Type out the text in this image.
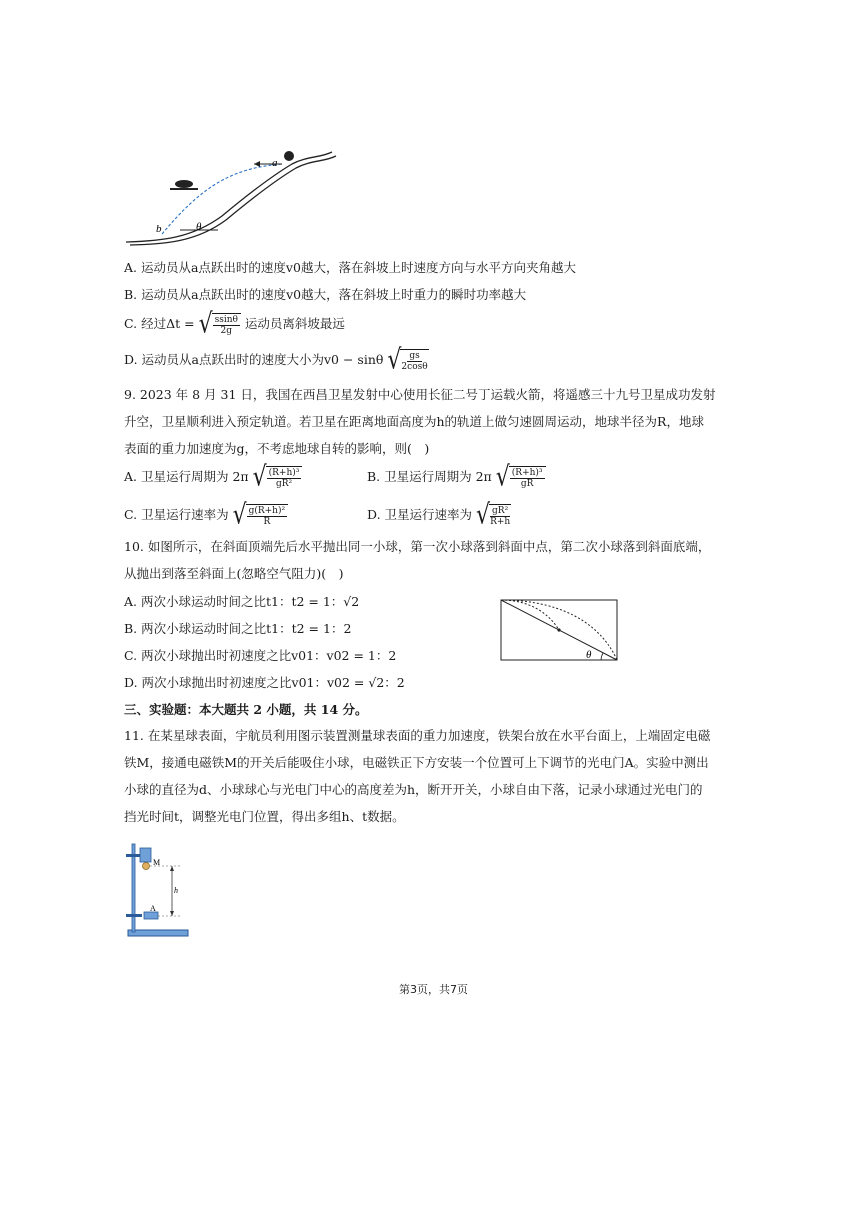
a
b	θ
A. 运动员从a点跃出时的速度v0越大，落在斜坡上时速度方向与水平方向夹角越大
B. 运动员从a点跃出时的速度v0越大，落在斜坡上时重力的瞬时功率越大
C. 经过Δt = √ $\frac{ssin\theta}{2g}$ 运动员离斜坡最远
D. 运动员从a点跃出时的速度大小为v0 − sinθ √ $\frac{gs}{2\cos\theta}$
9. 2023 年 8 月 31 日，我国在西昌卫星发射中心使用长征二号丁运载火箭，将遥感三十九号卫星成功发射
升空，卫星顺利进入预定轨道。若卫星在距离地面高度为h的轨道上做匀速圆周运动，地球半径为R，地球
表面的重力加速度为g，不考虑地球自转的影响，则(　)
A. 卫星运行周期为 2π √ $\frac{\text{(R+h)³}}{\text{gR²}}$	B. 卫星运行周期为 2π √ $\frac{\text{(R+h)³}}{gR}$
C. 卫星运行速率为 √ $\frac{\text{g(R+h)²}}{R}$	D. 卫星运行速率为 √ $\frac{\text{gR²}}{R+h}$
10. 如图所示，在斜面顶端先后水平抛出同一小球，第一次小球落到斜面中点，第二次小球落到斜面底端，
从抛出到落至斜面上(忽略空气阻力)(　)
A. 两次小球运动时间之比t1：t2 = 1：√2
B. 两次小球运动时间之比t1：t2 = 1：2
C. 两次小球抛出时初速度之比v01：v02 = 1：2
D. 两次小球抛出时初速度之比v01：v02 = √2：2
θ
三、实验题：本大题共 2 小题，共 14 分。
11. 在某星球表面，宇航员利用图示装置测量球表面的重力加速度，铁架台放在水平台面上，上端固定电磁
铁M，接通电磁铁M的开关后能吸住小球，电磁铁正下方安装一个位置可上下调节的光电门A。实验中测出
小球的直径为d、小球球心与光电门中心的高度差为h，断开开关，小球自由下落，记录小球通过光电门的
挡光时间t，调整光电门位置，得出多组h、t数据。
M
A
h
第3页，共7页
